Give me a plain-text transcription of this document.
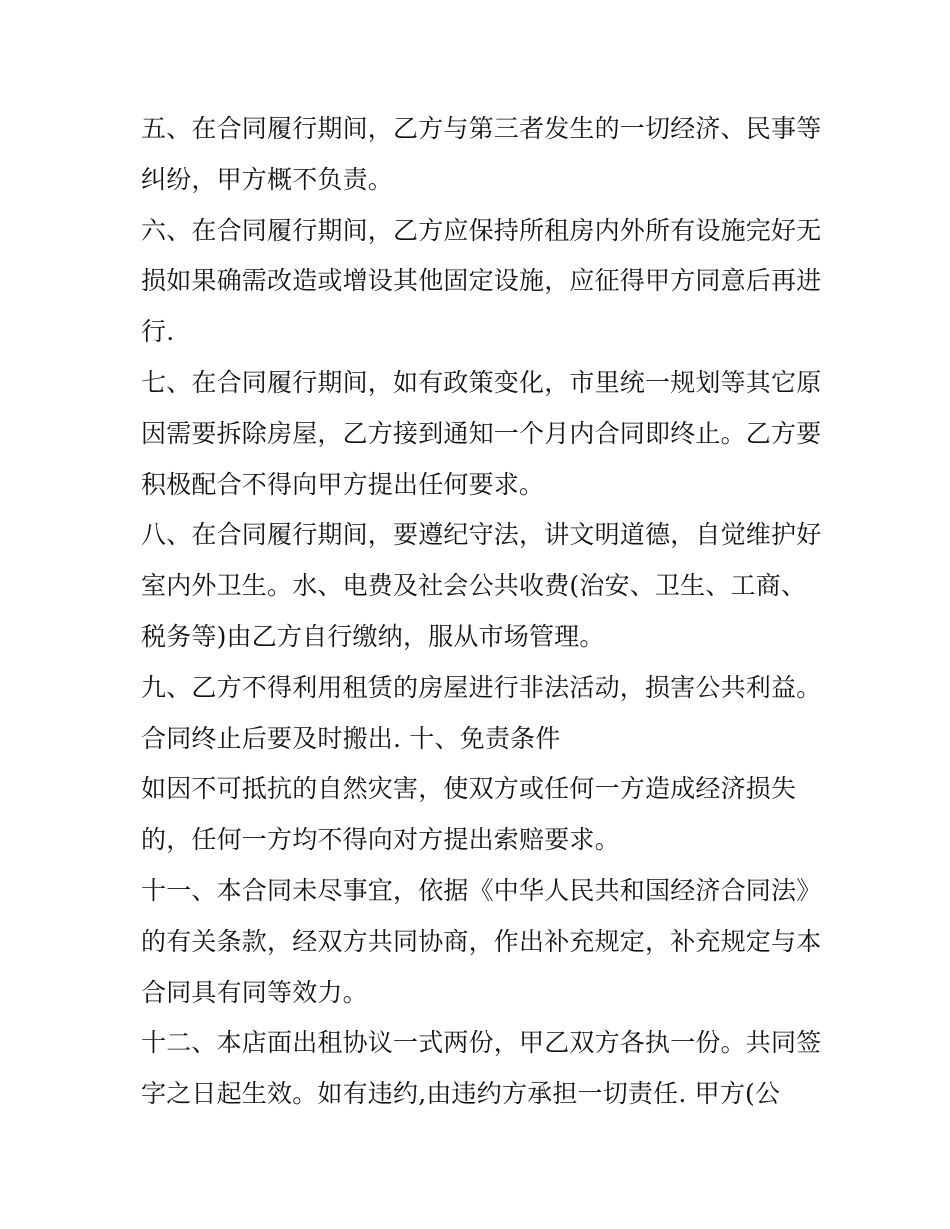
五、在合同履行期间，乙方与第三者发生的一切经济、民事等
纠纷，甲方概不负责。
六、在合同履行期间，乙方应保持所租房内外所有设施完好无
损如果确需改造或增设其他固定设施，应征得甲方同意后再进
行.
七、在合同履行期间，如有政策变化，市里统一规划等其它原
因需要拆除房屋，乙方接到通知一个月内合同即终止。乙方要
积极配合不得向甲方提出任何要求。
八、在合同履行期间，要遵纪守法，讲文明道德，自觉维护好
室内外卫生。水、电费及社会公共收费(治安、卫生、工商、
税务等)由乙方自行缴纳，服从市场管理。
九、乙方不得利用租赁的房屋进行非法活动，损害公共利益。
合同终止后要及时搬出. 十、免责条件
如因不可抵抗的自然灾害，使双方或任何一方造成经济损失
的，任何一方均不得向对方提出索赔要求。
十一、本合同未尽事宜，依据《中华人民共和国经济合同法》
的有关条款，经双方共同协商，作出补充规定，补充规定与本
合同具有同等效力。
十二、本店面出租协议一式两份，甲乙双方各执一份。共同签
字之日起生效。如有违约,由违约方承担一切责任. 甲方(公
